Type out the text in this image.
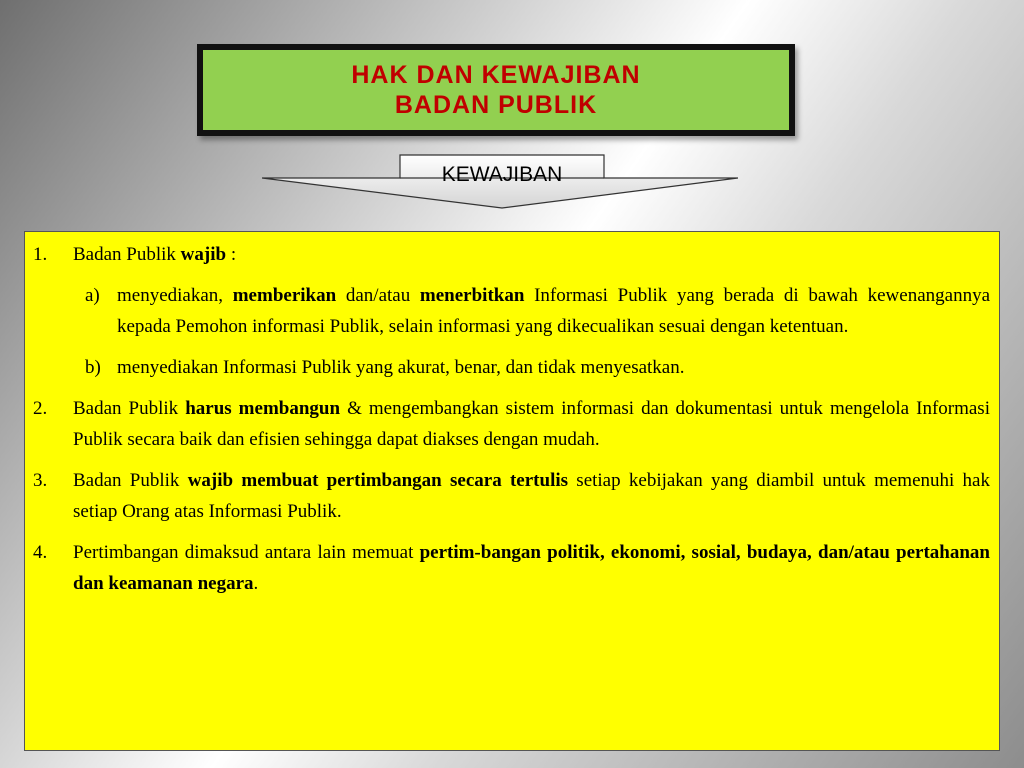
HAK DAN KEWAJIBAN
BADAN PUBLIK
KEWAJIBAN
1.	Badan Publik wajib :
a) menyediakan, memberikan dan/atau menerbitkan Informasi Publik yang berada di bawah kewenangannya kepada Pemohon informasi Publik, selain informasi yang dikecualikan sesuai dengan ketentuan.
b) menyediakan Informasi Publik yang akurat, benar, dan tidak menyesatkan.
2.	Badan Publik harus membangun & mengembangkan sistem informasi dan dokumentasi untuk mengelola Informasi Publik secara baik dan efisien sehingga dapat diakses dengan mudah.
3.	Badan Publik wajib membuat pertimbangan secara tertulis setiap kebijakan yang diambil untuk memenuhi hak setiap Orang atas Informasi Publik.
4.	Pertimbangan dimaksud antara lain memuat pertim-bangan politik, ekonomi, sosial, budaya, dan/atau pertahanan dan keamanan negara.
